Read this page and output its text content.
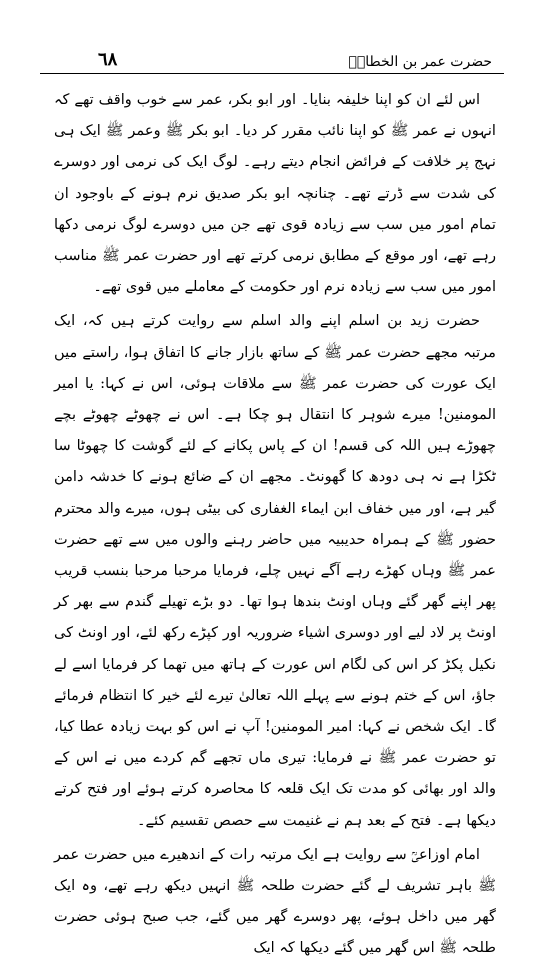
٦٨	حضرت عمر بن الخطابؓ

اس لئے ان کو اپنا خلیفہ بنایا۔ اور ابو بکر، عمر سے خوب واقف تھے کہ انہوں نے عمر ﷺ کو اپنا نائب مقرر کر دیا۔ ابو بکر ﷺ وعمر ﷺ ایک ہی نہج پر خلافت کے فرائض انجام دیتے رہے۔ لوگ ایک کی نرمی اور دوسرے کی شدت سے ڈرتے تھے۔ چنانچہ ابو بکر صدیق نرم ہونے کے باوجود ان تمام امور میں سب سے زیادہ قوی تھے جن میں دوسرے لوگ نرمی دکھا رہے تھے، اور موقع کے مطابق نرمی کرتے تھے اور حضرت عمر ﷺ مناسب امور میں سب سے زیادہ نرم اور حکومت کے معاملے میں قوی تھے۔

حضرت زید بن اسلم اپنے والد اسلم سے روایت کرتے ہیں کہ، ایک مرتبہ مجھے حضرت عمر ﷺ کے ساتھ بازار جانے کا اتفاق ہوا، راستے میں ایک عورت کی حضرت عمر ﷺ سے ملاقات ہوئی، اس نے کہا: یا امیر المومنین! میرے شوہر کا انتقال ہو چکا ہے۔ اس نے چھوٹے چھوٹے بچے چھوڑے ہیں اللہ کی قسم! ان کے پاس پکانے کے لئے گوشت کا چھوٹا سا ٹکڑا ہے نہ ہی دودھ کا گھونٹ۔ مجھے ان کے ضائع ہونے کا خدشہ دامن گیر ہے، اور میں خفاف ابن ایماء الغفاری کی بیٹی ہوں، میرے والد محترم حضور ﷺ کے ہمراہ حدیبیہ میں حاضر رہنے والوں میں سے تھے حضرت عمر ﷺ وہاں کھڑے رہے آگے نہیں چلے، فرمایا مرحبا مرحبا بنسب قریب پھر اپنے گھر گئے وہاں اونٹ بندھا ہوا تھا۔ دو بڑے تھیلے گندم سے بھر کر اونٹ پر لاد لیے اور دوسری اشیاء ضروریہ اور کپڑے رکھ لئے، اور اونٹ کی نکیل پکڑ کر اس کی لگام اس عورت کے ہاتھ میں تھما کر فرمایا اسے لے جاؤ، اس کے ختم ہونے سے پہلے اللہ تعالیٰ تیرے لئے خیر کا انتظام فرمائے گا۔ ایک شخص نے کہا: امیر المومنین! آپ نے اس کو بہت زیادہ عطا کیا، تو حضرت عمر ﷺ نے فرمایا: تیری ماں تجھے گم کردے میں نے اس کے والد اور بھائی کو مدت تک ایک قلعہ کا محاصرہ کرتے ہوئے اور فتح کرتے دیکھا ہے۔ فتح کے بعد ہم نے غنیمت سے حصص تقسیم کئے۔

امام اوزاعیؒ سے روایت ہے ایک مرتبہ رات کے اندھیرے میں حضرت عمر ﷺ باہر تشریف لے گئے حضرت طلحہ ﷺ انہیں دیکھ رہے تھے، وہ ایک گھر میں داخل ہوئے، پھر دوسرے گھر میں گئے، جب صبح ہوئی حضرت طلحہ ﷺ اس گھر میں گئے دیکھا کہ ایک
